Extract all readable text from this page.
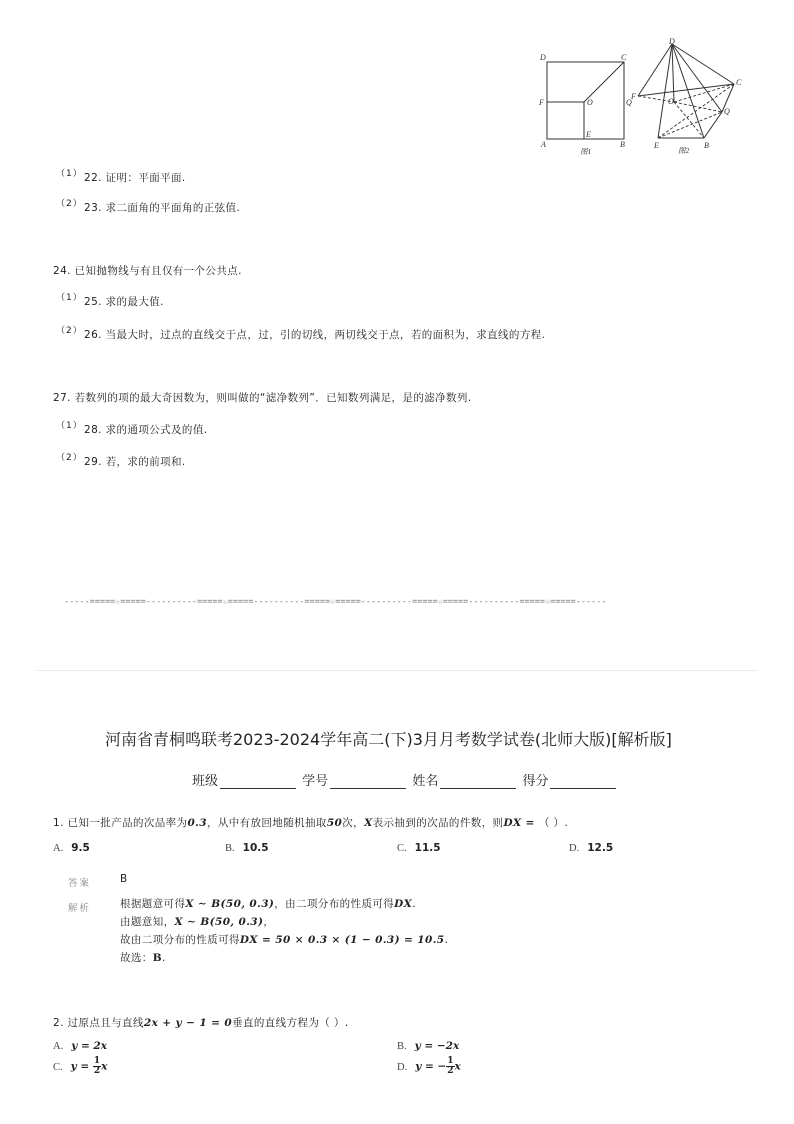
D	C
F	O	Q
A
E
B
图1
D
C
F
O
Q
E	B
图2
（1） 22. 证明：平面平面.
（2） 23. 求二面角的平面角的正弦值.
24. 已知抛物线与有且仅有一个公共点.
（1） 25. 求的最大值.
（2） 26. 当最大时，过点的直线交于点，过，引的切线，两切线交于点，若的面积为，求直线的方程.
27. 若数列的项的最大奇因数为，则叫做的“滤净数列”．已知数列满足，是的滤净数列.
（1） 28. 求的通项公式及的值.
（2） 29. 若，求的前项和.
-----=====☆=====----------=====☆=====----------=====☆=====----------=====☆=====----------=====☆=====------
河南省青桐鸣联考2023-2024学年高二(下)3月月考数学试卷(北师大版)[解析版]
班级	学号	姓名	得分
1. 已知一批产品的次品率为0.3，从中有放回地随机抽取50次，X表示抽到的次品的件数，则DX = （ ）.
A. 9.5	B. 10.5	C. 11.5	D. 12.5
答案	B
解析	根据题意可得X ∼ B(50, 0.3)，由二项分布的性质可得DX.
由题意知，X ∼ B(50, 0.3)，
故由二项分布的性质可得DX = 50 × 0.3 × (1 − 0.3) = 10.5.
故选：B.
2. 过原点且与直线2x + y − 1 = 0垂直的直线方程为（ ）.
A. y = 2x	B. y = −2x
C. $y = \frac{1}{2}$ x	D. y = − $\frac{1}{2}$ x
